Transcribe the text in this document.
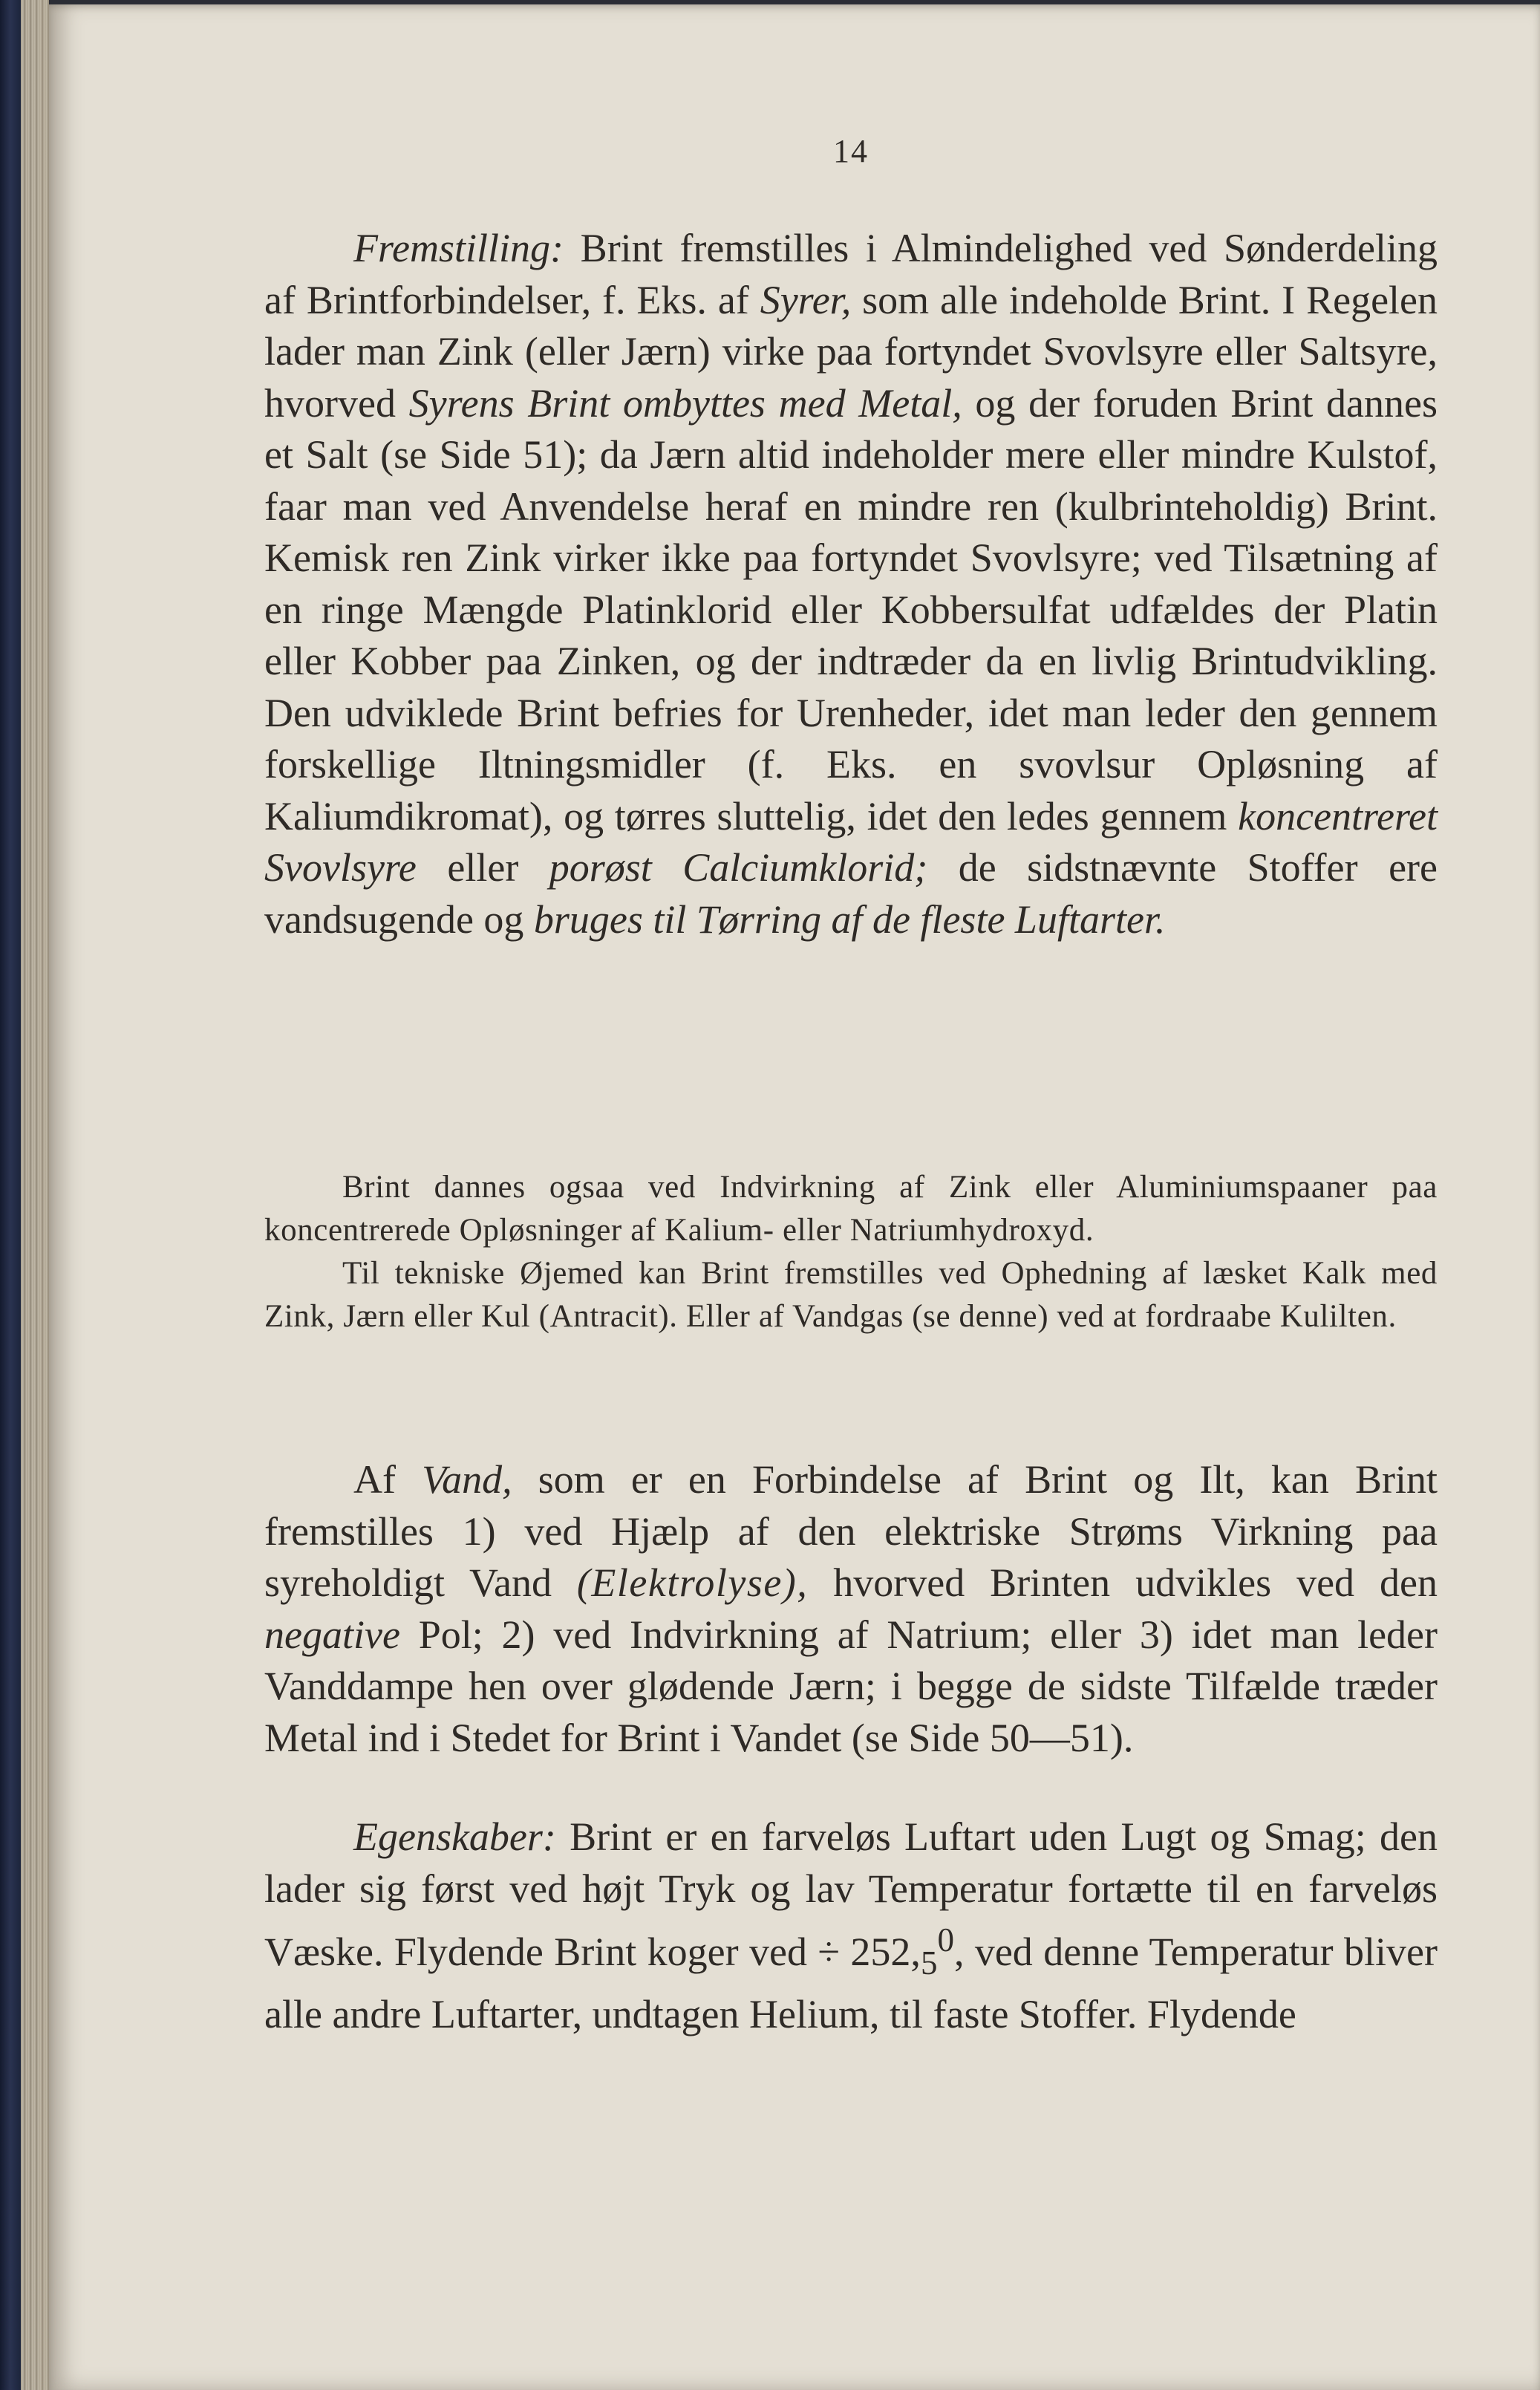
14

Fremstilling: Brint fremstilles i Almindelighed ved Sønderdeling af Brintforbindelser, f. Eks. af Syrer, som alle indeholde Brint. I Regelen lader man Zink (eller Jærn) virke paa fortyndet Svovlsyre eller Saltsyre, hvorved Syrens Brint ombyttes med Metal, og der foruden Brint dannes et Salt (se Side 51); da Jærn altid indeholder mere eller mindre Kulstof, faar man ved Anvendelse heraf en mindre ren (kulbrinteholdig) Brint. Kemisk ren Zink virker ikke paa fortyndet Svovlsyre; ved Tilsætning af en ringe Mængde Platinklorid eller Kobbersulfat udfældes der Platin eller Kobber paa Zinken, og der indtræder da en livlig Brintudvikling. Den udviklede Brint befries for Urenheder, idet man leder den gennem forskellige Iltningsmidler (f. Eks. en svovlsur Opløsning af Kaliumdikromat), og tørres sluttelig, idet den ledes gennem koncentreret Svovlsyre eller porøst Calciumklorid; de sidstnævnte Stoffer ere vandsugende og bruges til Tørring af de fleste Luftarter.

Brint dannes ogsaa ved Indvirkning af Zink eller Aluminiumspaaner paa koncentrerede Opløsninger af Kalium- eller Natriumhydroxyd.

Til tekniske Øjemed kan Brint fremstilles ved Ophedning af læsket Kalk med Zink, Jærn eller Kul (Antracit). Eller af Vandgas (se denne) ved at fordraabe Kulilten.

Af Vand, som er en Forbindelse af Brint og Ilt, kan Brint fremstilles 1) ved Hjælp af den elektriske Strøms Virkning paa syreholdigt Vand (Elektrolyse), hvorved Brinten udvikles ved den negative Pol; 2) ved Indvirkning af Natrium; eller 3) idet man leder Vanddampe hen over glødende Jærn; i begge de sidste Tilfælde træder Metal ind i Stedet for Brint i Vandet (se Side 50—51).

Egenskaber: Brint er en farveløs Luftart uden Lugt og Smag; den lader sig først ved højt Tryk og lav Temperatur fortætte til en farveløs Væske. Flydende Brint koger ved ÷ $252,_5^0$, ved denne Temperatur bliver alle andre Luftarter, undtagen Helium, til faste Stoffer. Flydende
